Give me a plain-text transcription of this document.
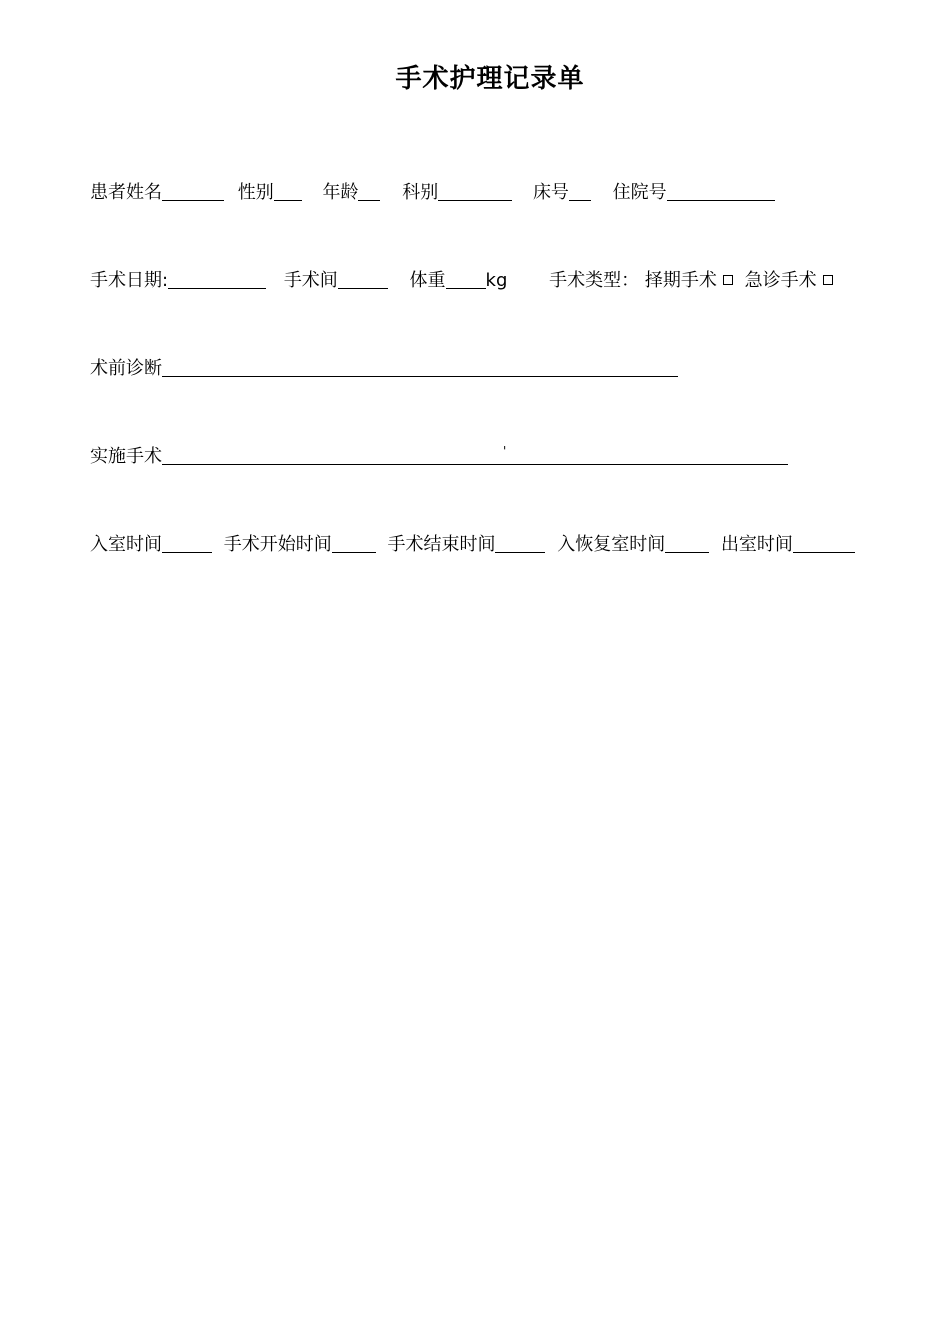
手术护理记录单
患者姓名	性别	年龄 科别	床号 住院号
手术日期:	手术间	体重 kg 手术类型： 择期手术 急诊手术
术前诊断
实施手术	'
入室时间	手术开始时间	手术结束时间	入恢复室时间	出室时间
